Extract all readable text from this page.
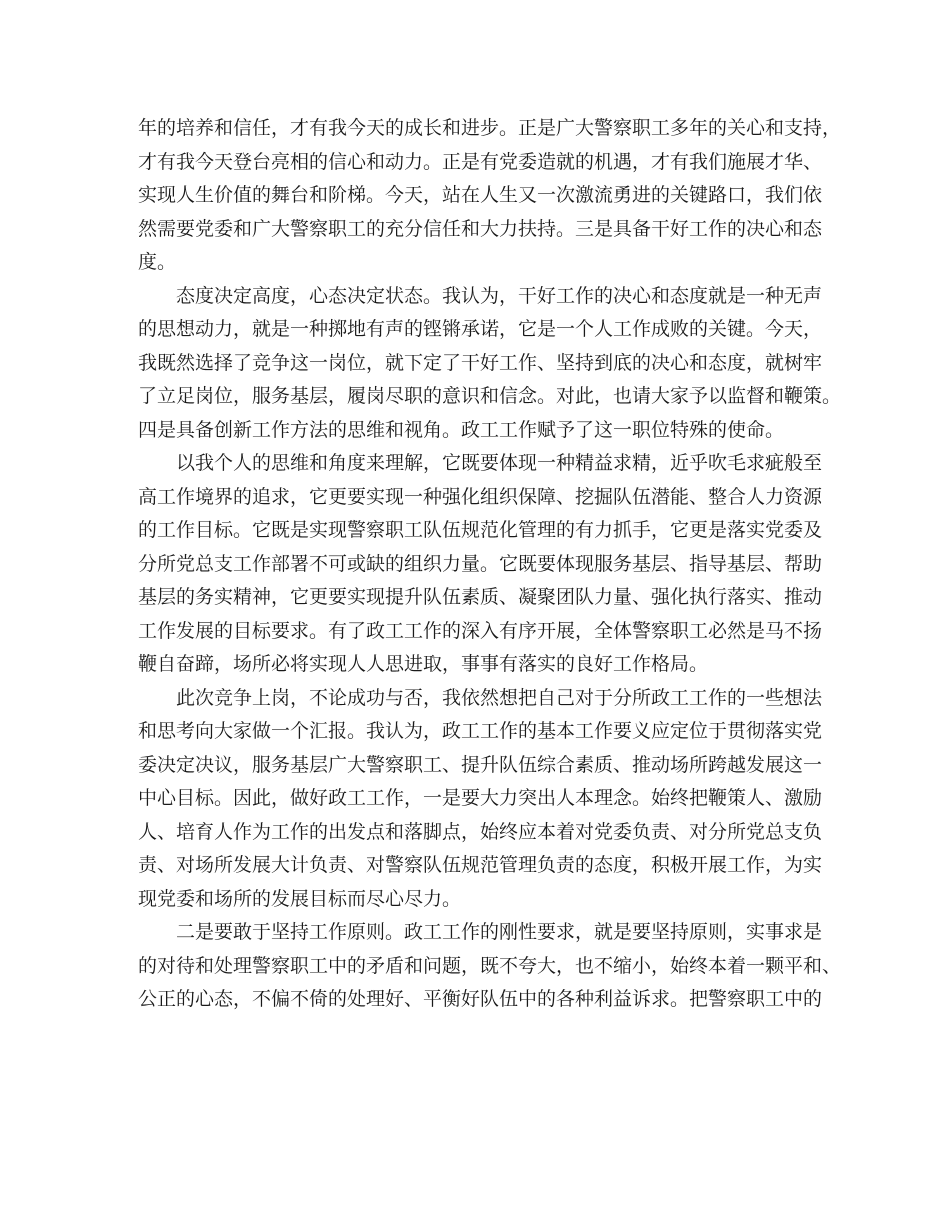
年的培养和信任，才有我今天的成长和进步。正是广大警察职工多年的关心和支持，
才有我今天登台亮相的信心和动力。正是有党委造就的机遇，才有我们施展才华、
实现人生价值的舞台和阶梯。今天，站在人生又一次激流勇进的关键路口，我们依
然需要党委和广大警察职工的充分信任和大力扶持。三是具备干好工作的决心和态
度。
态度决定高度，心态决定状态。我认为，干好工作的决心和态度就是一种无声
的思想动力，就是一种掷地有声的铿锵承诺，它是一个人工作成败的关键。今天，
我既然选择了竞争这一岗位，就下定了干好工作、坚持到底的决心和态度，就树牢
了立足岗位，服务基层，履岗尽职的意识和信念。对此，也请大家予以监督和鞭策。
四是具备创新工作方法的思维和视角。政工工作赋予了这一职位特殊的使命。
以我个人的思维和角度来理解，它既要体现一种精益求精，近乎吹毛求疵般至
高工作境界的追求，它更要实现一种强化组织保障、挖掘队伍潜能、整合人力资源
的工作目标。它既是实现警察职工队伍规范化管理的有力抓手，它更是落实党委及
分所党总支工作部署不可或缺的组织力量。它既要体现服务基层、指导基层、帮助
基层的务实精神，它更要实现提升队伍素质、凝聚团队力量、强化执行落实、推动
工作发展的目标要求。有了政工工作的深入有序开展，全体警察职工必然是马不扬
鞭自奋蹄，场所必将实现人人思进取，事事有落实的良好工作格局。
此次竞争上岗，不论成功与否，我依然想把自己对于分所政工工作的一些想法
和思考向大家做一个汇报。我认为，政工工作的基本工作要义应定位于贯彻落实党
委决定决议，服务基层广大警察职工、提升队伍综合素质、推动场所跨越发展这一
中心目标。因此，做好政工工作，一是要大力突出人本理念。始终把鞭策人、激励
人、培育人作为工作的出发点和落脚点，始终应本着对党委负责、对分所党总支负
责、对场所发展大计负责、对警察队伍规范管理负责的态度，积极开展工作，为实
现党委和场所的发展目标而尽心尽力。
二是要敢于坚持工作原则。政工工作的刚性要求，就是要坚持原则，实事求是
的对待和处理警察职工中的矛盾和问题，既不夸大，也不缩小，始终本着一颗平和、
公正的心态，不偏不倚的处理好、平衡好队伍中的各种利益诉求。把警察职工中的
